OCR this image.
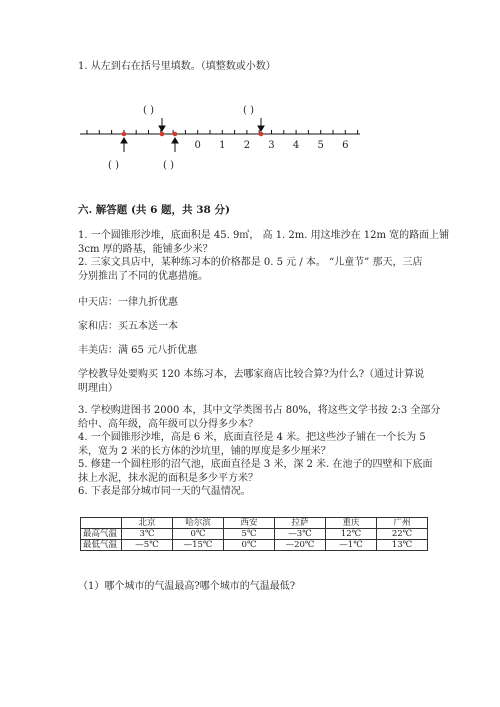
1. 从左到右在括号里填数。（填整数或小数）
( )	( )
( )	( )
0 1 2 3 4 5 6
六. 解答题 (共 6 题，共 38 分)
1. 一个圆锥形沙堆，底面积是 45. 9㎡， 高 1. 2m. 用这堆沙在 12m 宽的路面上铺
3cm 厚的路基，能铺多少米？
2. 三家文具店中，某种练习本的价格都是 0. 5 元 / 本。 “儿童节” 那天，三店
分别推出了不同的优惠措施。
中天店：一律九折优惠
家和店：买五本送一本
丰美店：满 65 元八折优惠
学校教导处要购买 120 本练习本，去哪家商店比较合算?为什么?（通过计算说
明理由）
3. 学校购进图书 2000 本，其中文学类图书占 80%，将这些文学书按 2:3 全部分
给中、高年级，高年级可以分得多少本？
4. 一个圆锥形沙堆，高是 6 米，底面直径是 4 米。把这些沙子铺在一个长为 5
米，宽为 2 米的长方体的沙坑里，铺的厚度是多少厘米？
5. 修建一个圆柱形的沼气池，底面直径是 3 米，深 2 米. 在池子的四壁和下底面
抹上水泥，抹水泥的面积是多少平方米？
6. 下表是部分城市同一天的气温情况。
	北京	哈尔滨	西安	拉萨	重庆	广州
最高气温	3℃	0℃	5℃	—3℃	12℃	22℃
最低气温	—5℃	—15℃	0℃	—20℃	—1℃	13℃
（1）哪个城市的气温最高?哪个城市的气温最低?
